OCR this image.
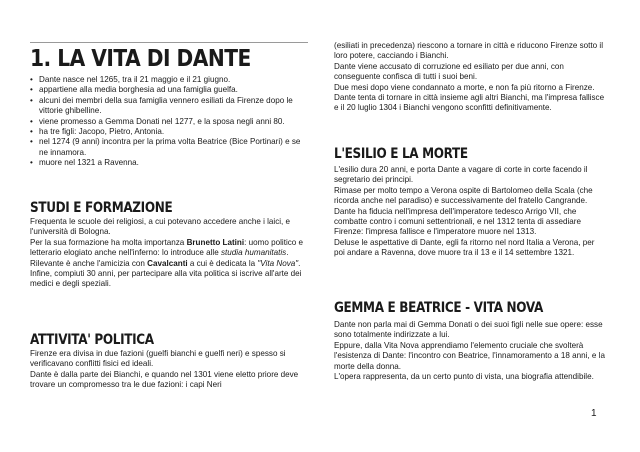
1. LA VITA DI DANTE
• Dante nasce nel 1265, tra il 21 maggio e il 21 giugno.
• appartiene alla media borghesia ad una famiglia guelfa.
• alcuni dei membri della sua famiglia vennero esiliati da Firenze dopo le vittorie ghibelline.
• viene promesso a Gemma Donati nel 1277, e la sposa negli anni 80.
• ha tre figli: Jacopo, Pietro, Antonia.
• nel 1274 (9 anni) incontra per la prima volta Beatrice (Bice Portinari) e se ne innamora.
• muore nel 1321 a Ravenna.
STUDI E FORMAZIONE

Frequenta le scuole dei religiosi, a cui potevano accedere anche i laici, e l'università di Bologna.

Per la sua formazione ha molta importanza Brunetto Latini: uomo politico e letterario elogiato anche nell'inferno: lo introduce alle studia humanitatis.

Rilevante è anche l'amicizia con Cavalcanti a cui è dedicata la "Vita Nova".

Infine, compiuti 30 anni, per partecipare alla vita politica si iscrive all'arte dei medici e degli speziali.

ATTIVITA' POLITICA

Firenze era divisa in due fazioni (guelfi bianchi e guelfi neri) e spesso si verificavano conflitti fisici ed ideali.

Dante è dalla parte dei Bianchi, e quando nel 1301 viene eletto priore deve trovare un compromesso tra le due fazioni: i capi Neri

(esiliati in precedenza) riescono a tornare in città e riducono Firenze sotto il loro potere, cacciando i Bianchi.

Dante viene accusato di corruzione ed esiliato per due anni, con conseguente confisca di tutti i suoi beni.

Due mesi dopo viene condannato a morte, e non fa più ritorno a Firenze.

Dante tenta di tornare in città insieme agli altri Bianchi, ma l'impresa fallisce e il 20 luglio 1304 i Bianchi vengono sconfitti definitivamente.

L'ESILIO E LA MORTE

L'esilio dura 20 anni, e porta Dante a vagare di corte in corte facendo il segretario dei principi.

Rimase per molto tempo a Verona ospite di Bartolomeo della Scala (che ricorda anche nel paradiso) e successivamente del fratello Cangrande.

Dante ha fiducia nell'impresa dell'imperatore tedesco Arrigo VII, che combatte contro i comuni settentrionali, e nel 1312 tenta di assediare Firenze: l'impresa fallisce e l'imperatore muore nel 1313.

Deluse le aspettative di Dante, egli fa ritorno nel nord Italia a Verona, per poi andare a Ravenna, dove muore tra il 13 e il 14 settembre 1321.

GEMMA E BEATRICE - VITA NOVA

Dante non parla mai di Gemma Donati o dei suoi figli nelle sue opere: esse sono totalmente indirizzate a lui.

Eppure, dalla Vita Nova apprendiamo l'elemento cruciale che svolterà l'esistenza di Dante: l'incontro con Beatrice, l'innamoramento a 18 anni, e la morte della donna.

L'opera rappresenta, da un certo punto di vista, una biografia attendibile.

1
